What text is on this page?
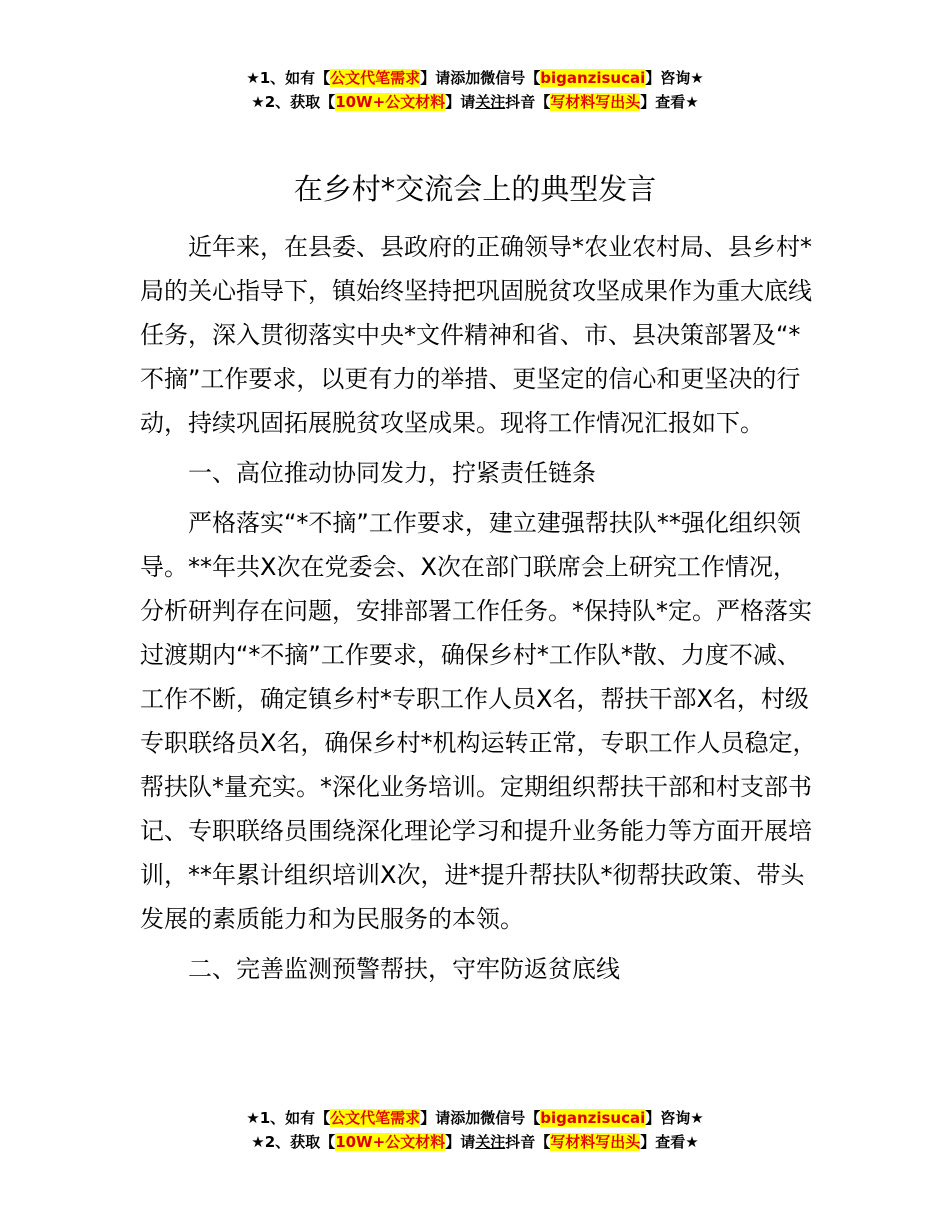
★1、如有【公文代笔需求】请添加微信号【biganzisucai】咨询★
★2、获取【10W+公文材料】请关注抖音【写材料写出头】查看★
在乡村*交流会上的典型发言

近年来，在县委、县政府的正确领导*农业农村局、县乡村*局的关心指导下，镇始终坚持把巩固脱贫攻坚成果作为重大底线任务，深入贯彻落实中央*文件精神和省、市、县决策部署及“*不摘”工作要求，以更有力的举措、更坚定的信心和更坚决的行动，持续巩固拓展脱贫攻坚成果。现将工作情况汇报如下。

一、高位推动协同发力，拧紧责任链条

严格落实“*不摘”工作要求，建立建强帮扶队**强化组织领导。**年共X次在党委会、X次在部门联席会上研究工作情况，分析研判存在问题，安排部署工作任务。*保持队*定。严格落实过渡期内“*不摘”工作要求，确保乡村*工作队*散、力度不减、工作不断，确定镇乡村*专职工作人员X名，帮扶干部X名，村级专职联络员X名，确保乡村*机构运转正常，专职工作人员稳定，帮扶队*量充实。*深化业务培训。定期组织帮扶干部和村支部书记、专职联络员围绕深化理论学习和提升业务能力等方面开展培训，**年累计组织培训X次，进*提升帮扶队*彻帮扶政策、带头发展的素质能力和为民服务的本领。

二、完善监测预警帮扶，守牢防返贫底线

★1、如有【公文代笔需求】请添加微信号【biganzisucai】咨询★
★2、获取【10W+公文材料】请关注抖音【写材料写出头】查看★
